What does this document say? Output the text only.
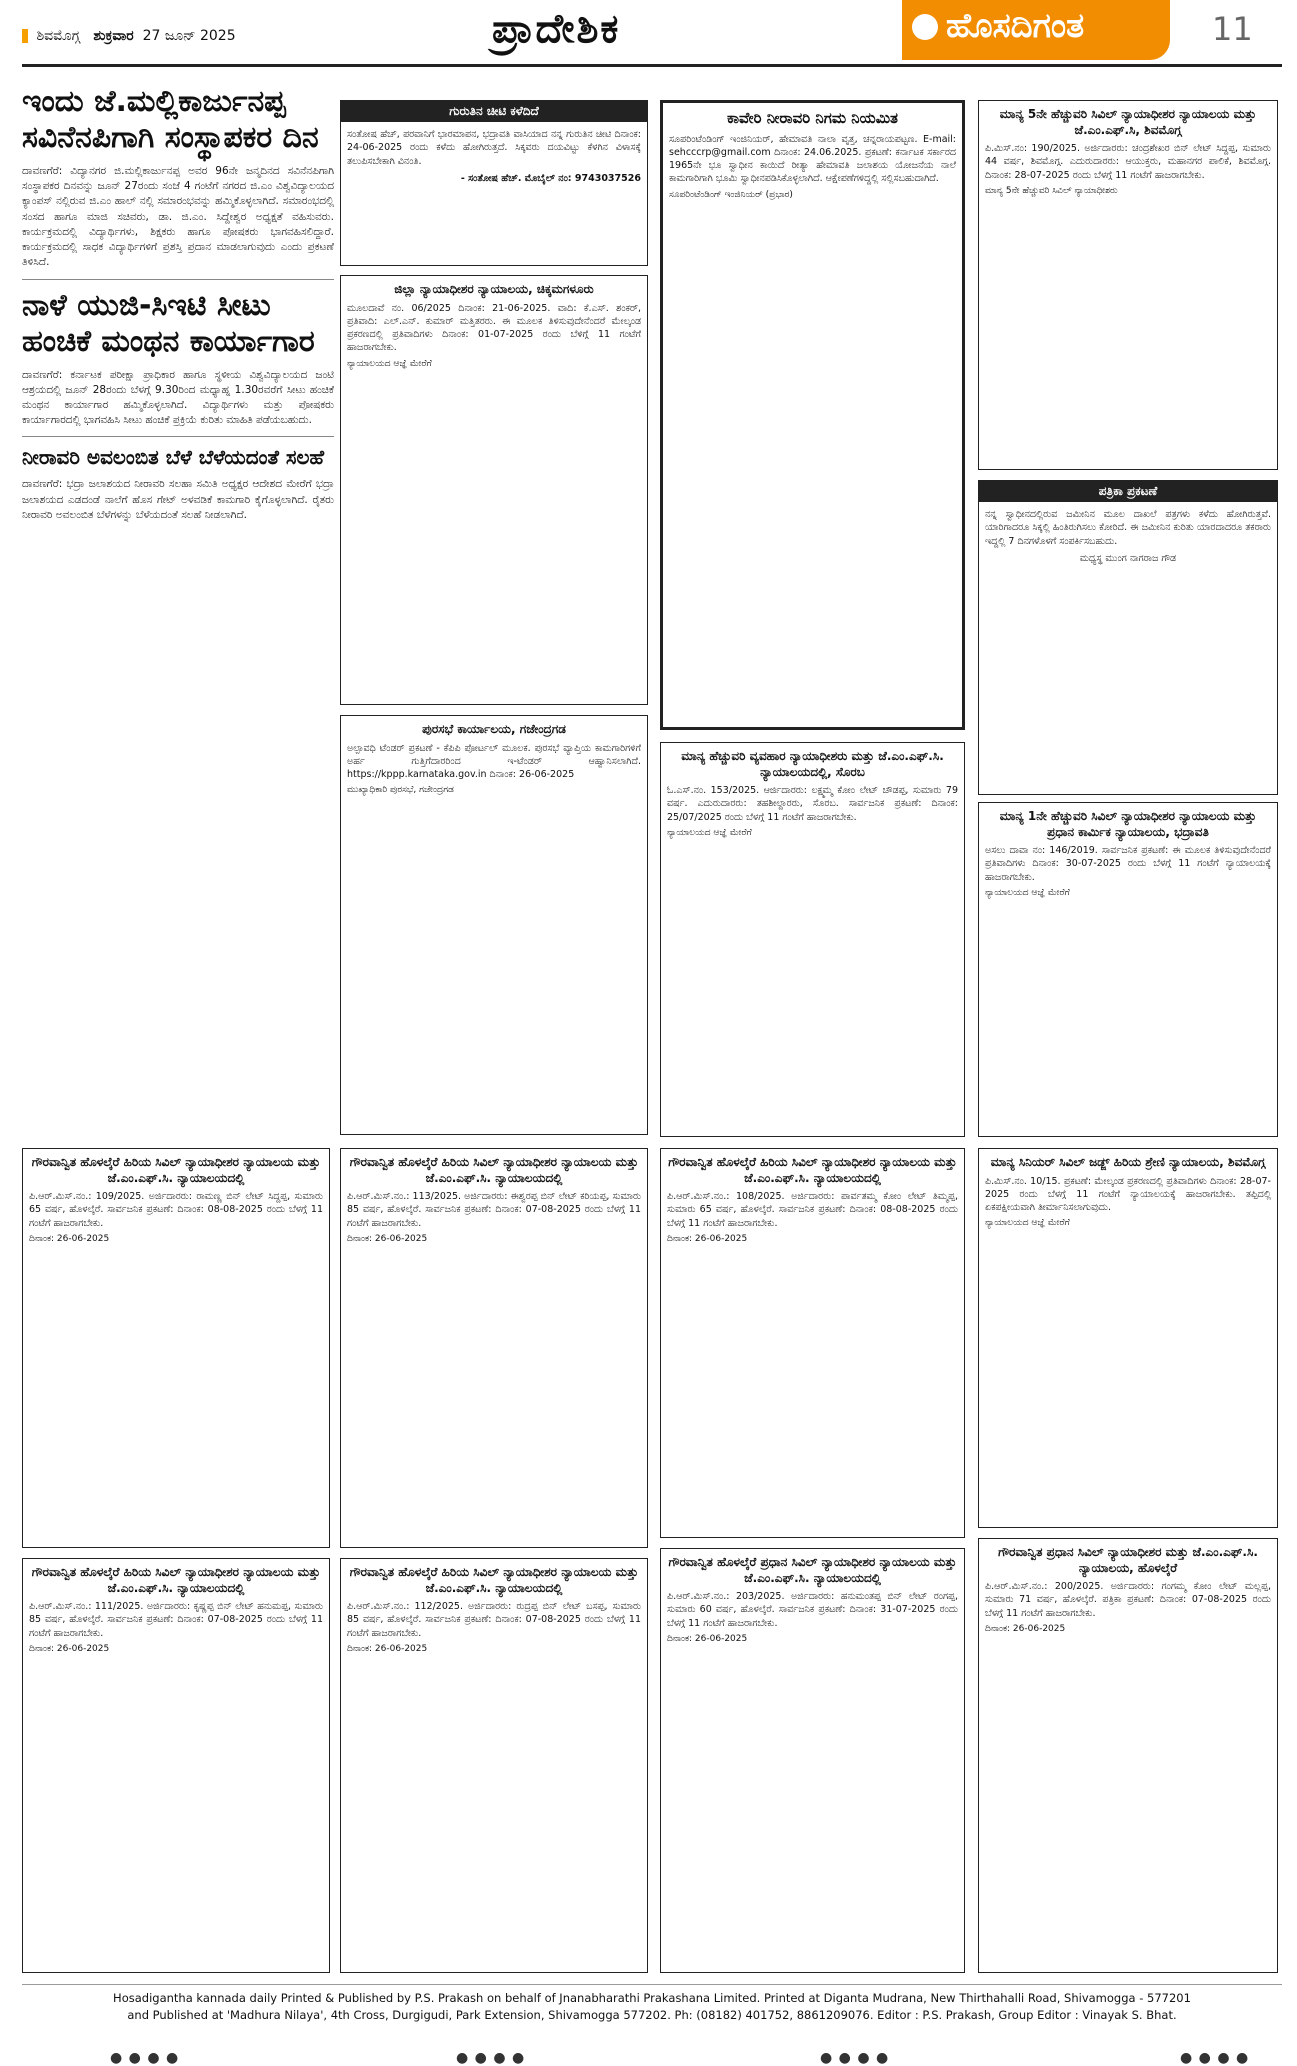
ಶಿವಮೊಗ್ಗ ಶುಕ್ರವಾರ 27 ಜೂನ್ 2025	ಪ್ರಾದೇಶಿಕ	ಹೊಸದಿಗಂತ	11
ಇಂದು ಜೆ.ಮಲ್ಲಿಕಾರ್ಜುನಪ್ಪ ಸವಿನೆನಪಿಗಾಗಿ ಸಂಸ್ಥಾಪಕರ ದಿನ

ದಾವಣಗೆರೆ: ವಿದ್ಯಾನಗರ ಜಿ.ಮಲ್ಲಿಕಾರ್ಜುನಪ್ಪ ಅವರ 96ನೇ ಜನ್ಮದಿನದ ಸವಿನೆನಪಿಗಾಗಿ ಸಂಸ್ಥಾಪಕರ ದಿನವನ್ನು ಜೂನ್ 27ರಂದು ಸಂಜೆ 4 ಗಂಟೆಗೆ ನಗರದ ಜಿ.ಎಂ ವಿಶ್ವವಿದ್ಯಾಲಯದ ಕ್ಯಾಂಪಸ್ ನಲ್ಲಿರುವ ಜಿ.ಎಂ ಹಾಲ್ ನಲ್ಲಿ ಸಮಾರಂಭವನ್ನು ಹಮ್ಮಿಕೊಳ್ಳಲಾಗಿದೆ. ಸಮಾರಂಭದಲ್ಲಿ ಸಂಸದ ಹಾಗೂ ಮಾಜಿ ಸಚಿವರು, ಡಾ. ಜಿ.ಎಂ. ಸಿದ್ದೇಶ್ವರ ಅಧ್ಯಕ್ಷತೆ ವಹಿಸುವರು. ಕಾರ್ಯಕ್ರಮದಲ್ಲಿ ವಿದ್ಯಾರ್ಥಿಗಳು, ಶಿಕ್ಷಕರು ಹಾಗೂ ಪೋಷಕರು ಭಾಗವಹಿಸಲಿದ್ದಾರೆ. ಕಾರ್ಯಕ್ರಮದಲ್ಲಿ ಸಾಧಕ ವಿದ್ಯಾರ್ಥಿಗಳಿಗೆ ಪ್ರಶಸ್ತಿ ಪ್ರದಾನ ಮಾಡಲಾಗುವುದು ಎಂದು ಪ್ರಕಟಣೆ ತಿಳಿಸಿದೆ.

ನಾಳೆ ಯುಜಿ-ಸಿಇಟಿ ಸೀಟು ಹಂಚಿಕೆ ಮಂಥನ ಕಾರ್ಯಾಗಾರ

ದಾವಣಗೆರೆ: ಕರ್ನಾಟಕ ಪರೀಕ್ಷಾ ಪ್ರಾಧಿಕಾರ ಹಾಗೂ ಸ್ಥಳೀಯ ವಿಶ್ವವಿದ್ಯಾಲಯದ ಜಂಟಿ ಆಶ್ರಯದಲ್ಲಿ ಜೂನ್ 28ರಂದು ಬೆಳಗ್ಗೆ 9.30ರಿಂದ ಮಧ್ಯಾಹ್ನ 1.30ರವರೆಗೆ ಸೀಟು ಹಂಚಿಕೆ ಮಂಥನ ಕಾರ್ಯಾಗಾರ ಹಮ್ಮಿಕೊಳ್ಳಲಾಗಿದೆ. ವಿದ್ಯಾರ್ಥಿಗಳು ಮತ್ತು ಪೋಷಕರು ಕಾರ್ಯಾಗಾರದಲ್ಲಿ ಭಾಗವಹಿಸಿ ಸೀಟು ಹಂಚಿಕೆ ಪ್ರಕ್ರಿಯೆ ಕುರಿತು ಮಾಹಿತಿ ಪಡೆಯಬಹುದು.

ನೀರಾವರಿ ಅವಲಂಬಿತ ಬೆಳೆ ಬೆಳೆಯದಂತೆ ಸಲಹೆ

ದಾವಣಗೆರೆ: ಭದ್ರಾ ಜಲಾಶಯದ ನೀರಾವರಿ ಸಲಹಾ ಸಮಿತಿ ಅಧ್ಯಕ್ಷರ ಆದೇಶದ ಮೇರೆಗೆ ಭದ್ರಾ ಜಲಾಶಯದ ಎಡದಂಡೆ ನಾಲೆಗೆ ಹೊಸ ಗೇಟ್ ಅಳವಡಿಕೆ ಕಾಮಗಾರಿ ಕೈಗೊಳ್ಳಲಾಗಿದೆ. ರೈತರು ನೀರಾವರಿ ಅವಲಂಬಿತ ಬೆಳೆಗಳನ್ನು ಬೆಳೆಯದಂತೆ ಸಲಹೆ ನೀಡಲಾಗಿದೆ.

ಗುರುತಿನ ಚೀಟಿ ಕಳೆದಿದೆ

ಸಂತೋಷ ಹೆಚ್, ಪರವಾನಿಗೆ ಭಾರಮಾಪನ, ಭದ್ರಾವತಿ ವಾಸಿಯಾದ ನನ್ನ ಗುರುತಿನ ಚೀಟಿ ದಿನಾಂಕ: 24-06-2025 ರಂದು ಕಳೆದು ಹೋಗಿರುತ್ತದೆ. ಸಿಕ್ಕವರು ದಯವಿಟ್ಟು ಕೆಳಗಿನ ವಿಳಾಸಕ್ಕೆ ತಲುಪಿಸಬೇಕಾಗಿ ವಿನಂತಿ.

- ಸಂತೋಷ ಹೆಚ್. ಮೊಬೈಲ್ ನಂ: 9743037526

ಜಿಲ್ಲಾ ನ್ಯಾಯಾಧೀಶರ ನ್ಯಾಯಾಲಯ, ಚಿಕ್ಕಮಗಳೂರು

ಮೂಲದಾವೆ ನಂ. 06/2025 ದಿನಾಂಕ: 21-06-2025. ವಾದಿ: ಕೆ.ಎಸ್. ಶಂಕರ್, ಪ್ರತಿವಾದಿ: ಎಲ್.ಎನ್. ಕುಮಾರ್ ಮತ್ತಿತರರು. ಈ ಮೂಲಕ ತಿಳಿಸುವುದೇನೆಂದರೆ ಮೇಲ್ಕಂಡ ಪ್ರಕರಣದಲ್ಲಿ ಪ್ರತಿವಾದಿಗಳು ದಿನಾಂಕ: 01-07-2025 ರಂದು ಬೆಳಿಗ್ಗೆ 11 ಗಂಟೆಗೆ ಹಾಜರಾಗಬೇಕು.

ನ್ಯಾಯಾಲಯದ ಆಜ್ಞೆ ಮೇರೆಗೆ
ಪುರಸಭೆ ಕಾರ್ಯಾಲಯ, ಗಜೇಂದ್ರಗಡ

ಅಲ್ಪಾವಧಿ ಟೆಂಡರ್ ಪ್ರಕಟಣೆ - ಕೆಪಿಪಿ ಪೋರ್ಟಲ್ ಮೂಲಕ. ಪುರಸಭೆ ವ್ಯಾಪ್ತಿಯ ಕಾಮಗಾರಿಗಳಿಗೆ ಅರ್ಹ ಗುತ್ತಿಗೆದಾರರಿಂದ ಇ-ಟೆಂಡರ್ ಆಹ್ವಾನಿಸಲಾಗಿದೆ. https://kppp.karnataka.gov.in ದಿನಾಂಕ: 26-06-2025

ಮುಖ್ಯಾಧಿಕಾರಿ ಪುರಸಭೆ, ಗಜೇಂದ್ರಗಡ
ಕಾವೇರಿ ನೀರಾವರಿ ನಿಗಮ ನಿಯಮಿತ

ಸೂಪರಿಂಟೆಂಡಿಂಗ್ ಇಂಜಿನಿಯರ್, ಹೇಮಾವತಿ ನಾಲಾ ವೃತ್ತ, ಚನ್ನರಾಯಪಟ್ಟಣ. E-mail: sehcccrp@gmail.com ದಿನಾಂಕ: 24.06.2025. ಪ್ರಕಟಣೆ: ಕರ್ನಾಟಕ ಸರ್ಕಾರದ 1965ನೇ ಭೂ ಸ್ವಾಧೀನ ಕಾಯಿದೆ ರೀತ್ಯಾ ಹೇಮಾವತಿ ಜಲಾಶಯ ಯೋಜನೆಯ ನಾಲೆ ಕಾಮಗಾರಿಗಾಗಿ ಭೂಮಿ ಸ್ವಾಧೀನಪಡಿಸಿಕೊಳ್ಳಲಾಗಿದೆ. ಆಕ್ಷೇಪಣೆಗಳಿದ್ದಲ್ಲಿ ಸಲ್ಲಿಸಬಹುದಾಗಿದೆ.

ಸೂಪರಿಂಟೆಂಡಿಂಗ್ ಇಂಜಿನಿಯರ್ (ಪ್ರಭಾರ)
ಮಾನ್ಯ ಹೆಚ್ಚುವರಿ ವ್ಯವಹಾರ ನ್ಯಾಯಾಧೀಶರು ಮತ್ತು ಜೆ.ಎಂ.ಎಫ್.ಸಿ. ನ್ಯಾಯಾಲಯದಲ್ಲಿ, ಸೊರಬ

ಓ.ಎಸ್.ನಂ. 153/2025. ಆರ್ಜಿದಾರರು: ಲಕ್ಷ್ಮಮ್ಮ ಕೋಂ ಲೇಟ್ ಚೌಡಪ್ಪ, ಸುಮಾರು 79 ವರ್ಷ. ಎದುರುದಾರರು: ತಹಶೀಲ್ದಾರರು, ಸೊರಬ. ಸಾರ್ವಜನಿಕ ಪ್ರಕಟಣೆ: ದಿನಾಂಕ: 25/07/2025 ರಂದು ಬೆಳಗ್ಗೆ 11 ಗಂಟೆಗೆ ಹಾಜರಾಗಬೇಕು.

ನ್ಯಾಯಾಲಯದ ಆಜ್ಞೆ ಮೇರೆಗೆ
ಮಾನ್ಯ 5ನೇ ಹೆಚ್ಚುವರಿ ಸಿವಿಲ್ ನ್ಯಾಯಾಧೀಶರ ನ್ಯಾಯಾಲಯ ಮತ್ತು ಜೆ.ಎಂ.ಎಫ್.ಸಿ, ಶಿವಮೊಗ್ಗ

ಪಿ.ಮಿಸ್.ನಂ: 190/2025. ಅರ್ಜಿದಾರರು: ಚಂದ್ರಶೇಖರ ಬಿನ್ ಲೇಟ್ ಸಿದ್ದಪ್ಪ, ಸುಮಾರು 44 ವರ್ಷ, ಶಿವಮೊಗ್ಗ. ಎದುರುದಾರರು: ಆಯುಕ್ತರು, ಮಹಾನಗರ ಪಾಲಿಕೆ, ಶಿವಮೊಗ್ಗ. ದಿನಾಂಕ: 28-07-2025 ರಂದು ಬೆಳಗ್ಗೆ 11 ಗಂಟೆಗೆ ಹಾಜರಾಗಬೇಕು.

ಮಾನ್ಯ 5ನೇ ಹೆಚ್ಚುವರಿ ಸಿವಿಲ್ ನ್ಯಾಯಾಧೀಶರು
ಪತ್ರಿಕಾ ಪ್ರಕಟಣೆ

ನನ್ನ ಸ್ವಾಧೀನದಲ್ಲಿರುವ ಜಮೀನಿನ ಮೂಲ ದಾಖಲೆ ಪತ್ರಗಳು ಕಳೆದು ಹೋಗಿರುತ್ತವೆ. ಯಾರಿಗಾದರೂ ಸಿಕ್ಕಲ್ಲಿ ಹಿಂತಿರುಗಿಸಲು ಕೋರಿದೆ. ಈ ಜಮೀನಿನ ಕುರಿತು ಯಾರದಾದರೂ ತಕರಾರು ಇದ್ದಲ್ಲಿ 7 ದಿನಗಳೊಳಗೆ ಸಂಪರ್ಕಿಸಬಹುದು.

ಮಧ್ಯಸ್ಥ ಮುಂಗ ನಾಗರಾಜ ಗೌಡ

ಮಾನ್ಯ 1ನೇ ಹೆಚ್ಚುವರಿ ಸಿವಿಲ್ ನ್ಯಾಯಾಧೀಶರ ನ್ಯಾಯಾಲಯ ಮತ್ತು ಪ್ರಧಾನ ಕಾರ್ಮಿಕ ನ್ಯಾಯಾಲಯ, ಭದ್ರಾವತಿ

ಅಸಲು ದಾವಾ ನಂ: 146/2019. ಸಾರ್ವಜನಿಕ ಪ್ರಕಟಣೆ: ಈ ಮೂಲಕ ತಿಳಿಸುವುದೇನೆಂದರೆ ಪ್ರತಿವಾದಿಗಳು ದಿನಾಂಕ: 30-07-2025 ರಂದು ಬೆಳಗ್ಗೆ 11 ಗಂಟೆಗೆ ನ್ಯಾಯಾಲಯಕ್ಕೆ ಹಾಜರಾಗಬೇಕು.

ನ್ಯಾಯಾಲಯದ ಆಜ್ಞೆ ಮೇರೆಗೆ
ಗೌರವಾನ್ವಿತ ಹೊಳಲ್ಕೆರೆ ಹಿರಿಯ ಸಿವಿಲ್ ನ್ಯಾಯಾಧೀಶರ ನ್ಯಾಯಾಲಯ ಮತ್ತು ಜೆ.ಎಂ.ಎಫ್.ಸಿ. ನ್ಯಾಯಾಲಯದಲ್ಲಿ

ಪಿ.ಆರ್.ಮಿಸ್.ನಂ.: 109/2025. ಅರ್ಜಿದಾರರು: ರಾಮಣ್ಣ ಬಿನ್ ಲೇಟ್ ಸಿದ್ದಪ್ಪ, ಸುಮಾರು 65 ವರ್ಷ, ಹೊಳಲ್ಕೆರೆ. ಸಾರ್ವಜನಿಕ ಪ್ರಕಟಣೆ: ದಿನಾಂಕ: 08-08-2025 ರಂದು ಬೆಳಗ್ಗೆ 11 ಗಂಟೆಗೆ ಹಾಜರಾಗಬೇಕು.

ದಿನಾಂಕ: 26-06-2025
ಗೌರವಾನ್ವಿತ ಹೊಳಲ್ಕೆರೆ ಹಿರಿಯ ಸಿವಿಲ್ ನ್ಯಾಯಾಧೀಶರ ನ್ಯಾಯಾಲಯ ಮತ್ತು ಜೆ.ಎಂ.ಎಫ್.ಸಿ. ನ್ಯಾಯಾಲಯದಲ್ಲಿ

ಪಿ.ಆರ್.ಮಿಸ್.ನಂ.: 113/2025. ಅರ್ಜಿದಾರರು: ಈಶ್ವರಪ್ಪ ಬಿನ್ ಲೇಟ್ ಕರಿಯಪ್ಪ, ಸುಮಾರು 85 ವರ್ಷ, ಹೊಳಲ್ಕೆರೆ. ಸಾರ್ವಜನಿಕ ಪ್ರಕಟಣೆ: ದಿನಾಂಕ: 07-08-2025 ರಂದು ಬೆಳಗ್ಗೆ 11 ಗಂಟೆಗೆ ಹಾಜರಾಗಬೇಕು.

ದಿನಾಂಕ: 26-06-2025
ಗೌರವಾನ್ವಿತ ಹೊಳಲ್ಕೆರೆ ಹಿರಿಯ ಸಿವಿಲ್ ನ್ಯಾಯಾಧೀಶರ ನ್ಯಾಯಾಲಯ ಮತ್ತು ಜೆ.ಎಂ.ಎಫ್.ಸಿ. ನ್ಯಾಯಾಲಯದಲ್ಲಿ

ಪಿ.ಆರ್.ಮಿಸ್.ನಂ.: 108/2025. ಅರ್ಜಿದಾರರು: ಪಾರ್ವತಮ್ಮ ಕೋಂ ಲೇಟ್ ತಿಮ್ಮಪ್ಪ, ಸುಮಾರು 65 ವರ್ಷ, ಹೊಳಲ್ಕೆರೆ. ಸಾರ್ವಜನಿಕ ಪ್ರಕಟಣೆ: ದಿನಾಂಕ: 08-08-2025 ರಂದು ಬೆಳಗ್ಗೆ 11 ಗಂಟೆಗೆ ಹಾಜರಾಗಬೇಕು.

ದಿನಾಂಕ: 26-06-2025
ಮಾನ್ಯ ಸಿನಿಯರ್ ಸಿವಿಲ್ ಜಡ್ಜ್ ಹಿರಿಯ ಶ್ರೇಣಿ ನ್ಯಾಯಾಲಯ, ಶಿವಮೊಗ್ಗ

ಪಿ.ಮಿಸ್.ನಂ. 10/15. ಪ್ರಕಟಣೆ: ಮೇಲ್ಕಂಡ ಪ್ರಕರಣದಲ್ಲಿ ಪ್ರತಿವಾದಿಗಳು ದಿನಾಂಕ: 28-07-2025 ರಂದು ಬೆಳಗ್ಗೆ 11 ಗಂಟೆಗೆ ನ್ಯಾಯಾಲಯಕ್ಕೆ ಹಾಜರಾಗಬೇಕು. ತಪ್ಪಿದಲ್ಲಿ ಏಕಪಕ್ಷೀಯವಾಗಿ ತೀರ್ಮಾನಿಸಲಾಗುವುದು.

ನ್ಯಾಯಾಲಯದ ಆಜ್ಞೆ ಮೇರೆಗೆ
ಗೌರವಾನ್ವಿತ ಹೊಳಲ್ಕೆರೆ ಹಿರಿಯ ಸಿವಿಲ್ ನ್ಯಾಯಾಧೀಶರ ನ್ಯಾಯಾಲಯ ಮತ್ತು ಜೆ.ಎಂ.ಎಫ್.ಸಿ. ನ್ಯಾಯಾಲಯದಲ್ಲಿ

ಪಿ.ಆರ್.ಮಿಸ್.ನಂ.: 111/2025. ಅರ್ಜಿದಾರರು: ಕೃಷ್ಣಪ್ಪ ಬಿನ್ ಲೇಟ್ ಹನುಮಪ್ಪ, ಸುಮಾರು 85 ವರ್ಷ, ಹೊಳಲ್ಕೆರೆ. ಸಾರ್ವಜನಿಕ ಪ್ರಕಟಣೆ: ದಿನಾಂಕ: 07-08-2025 ರಂದು ಬೆಳಗ್ಗೆ 11 ಗಂಟೆಗೆ ಹಾಜರಾಗಬೇಕು.

ದಿನಾಂಕ: 26-06-2025
ಗೌರವಾನ್ವಿತ ಹೊಳಲ್ಕೆರೆ ಹಿರಿಯ ಸಿವಿಲ್ ನ್ಯಾಯಾಧೀಶರ ನ್ಯಾಯಾಲಯ ಮತ್ತು ಜೆ.ಎಂ.ಎಫ್.ಸಿ. ನ್ಯಾಯಾಲಯದಲ್ಲಿ

ಪಿ.ಆರ್.ಮಿಸ್.ನಂ.: 112/2025. ಅರ್ಜಿದಾರರು: ರುದ್ರಪ್ಪ ಬಿನ್ ಲೇಟ್ ಬಸಪ್ಪ, ಸುಮಾರು 85 ವರ್ಷ, ಹೊಳಲ್ಕೆರೆ. ಸಾರ್ವಜನಿಕ ಪ್ರಕಟಣೆ: ದಿನಾಂಕ: 07-08-2025 ರಂದು ಬೆಳಗ್ಗೆ 11 ಗಂಟೆಗೆ ಹಾಜರಾಗಬೇಕು.

ದಿನಾಂಕ: 26-06-2025
ಗೌರವಾನ್ವಿತ ಹೊಳಲ್ಕೆರೆ ಪ್ರಧಾನ ಸಿವಿಲ್ ನ್ಯಾಯಾಧೀಶರ ನ್ಯಾಯಾಲಯ ಮತ್ತು ಜೆ.ಎಂ.ಎಫ್.ಸಿ. ನ್ಯಾಯಾಲಯದಲ್ಲಿ

ಪಿ.ಆರ್.ಮಿಸ್.ನಂ.: 203/2025. ಅರ್ಜಿದಾರರು: ಹನುಮಂತಪ್ಪ ಬಿನ್ ಲೇಟ್ ರಂಗಪ್ಪ, ಸುಮಾರು 60 ವರ್ಷ, ಹೊಳಲ್ಕೆರೆ. ಸಾರ್ವಜನಿಕ ಪ್ರಕಟಣೆ: ದಿನಾಂಕ: 31-07-2025 ರಂದು ಬೆಳಗ್ಗೆ 11 ಗಂಟೆಗೆ ಹಾಜರಾಗಬೇಕು.

ದಿನಾಂಕ: 26-06-2025
ಗೌರವಾನ್ವಿತ ಪ್ರಧಾನ ಸಿವಿಲ್ ನ್ಯಾಯಾಧೀಶರ ಮತ್ತು ಜೆ.ಎಂ.ಎಫ್.ಸಿ. ನ್ಯಾಯಾಲಯ, ಹೊಳಲ್ಕೆರೆ

ಪಿ.ಆರ್.ಮಿಸ್.ನಂ.: 200/2025. ಅರ್ಜಿದಾರರು: ಗಂಗಮ್ಮ ಕೋಂ ಲೇಟ್ ಮಲ್ಲಪ್ಪ, ಸುಮಾರು 71 ವರ್ಷ, ಹೊಳಲ್ಕೆರೆ. ಪತ್ರಿಕಾ ಪ್ರಕಟಣೆ: ದಿನಾಂಕ: 07-08-2025 ರಂದು ಬೆಳಗ್ಗೆ 11 ಗಂಟೆಗೆ ಹಾಜರಾಗಬೇಕು.

ದಿನಾಂಕ: 26-06-2025
Hosadigantha kannada daily Printed & Published by P.S. Prakash on behalf of Jnanabharathi Prakashana Limited. Printed at Diganta Mudrana, New Thirthahalli Road, Shivamogga - 577201
and Published at 'Madhura Nilaya', 4th Cross, Durgigudi, Park Extension, Shivamogga 577202. Ph: (08182) 401752, 8861209076. Editor : P.S. Prakash, Group Editor : Vinayak S. Bhat.
● ● ● ●	● ● ● ●	● ● ● ●	● ● ● ●
